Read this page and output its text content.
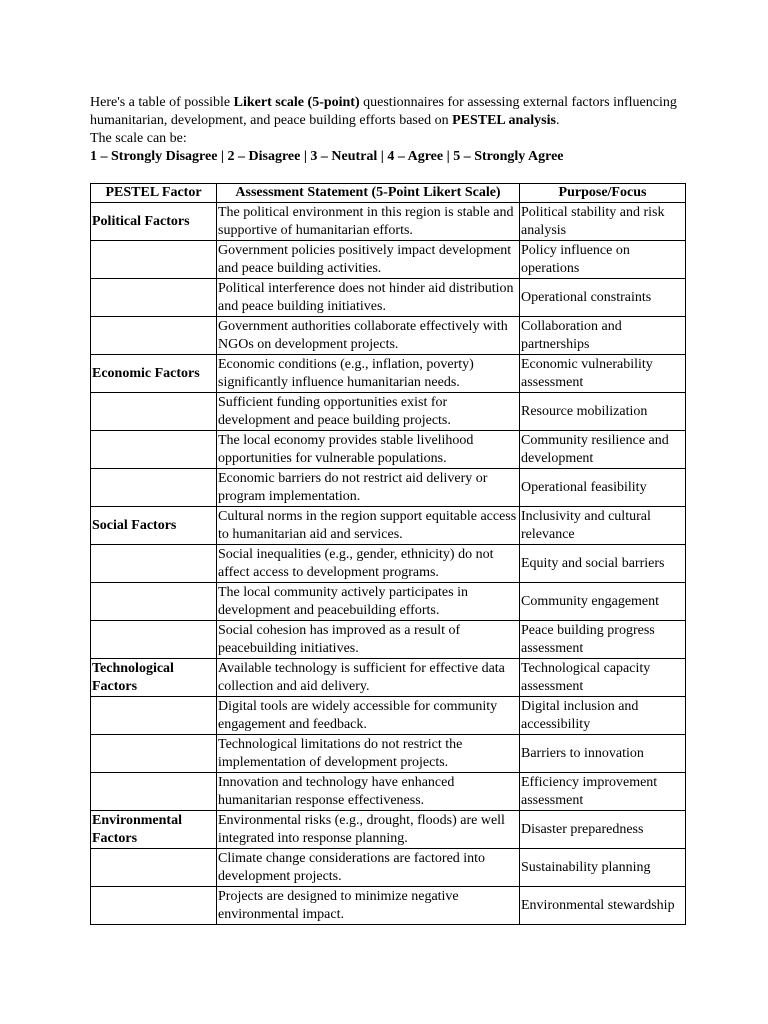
Here's a table of possible Likert scale (5-point) questionnaires for assessing external factors influencing humanitarian, development, and peace building efforts based on PESTEL analysis.

The scale can be:

1 – Strongly Disagree | 2 – Disagree | 3 – Neutral | 4 – Agree | 5 – Strongly Agree

PESTEL Factor	Assessment Statement (5-Point Likert Scale)	Purpose/Focus
Political Factors	The political environment in this region is stable and supportive of humanitarian efforts.	Political stability and risk analysis
	Government policies positively impact development and peace building activities.	Policy influence on operations
	Political interference does not hinder aid distribution and peace building initiatives.	Operational constraints
	Government authorities collaborate effectively with NGOs on development projects.	Collaboration and partnerships
Economic Factors	Economic conditions (e.g., inflation, poverty) significantly influence humanitarian needs.	Economic vulnerability assessment
	Sufficient funding opportunities exist for development and peace building projects.	Resource mobilization
	The local economy provides stable livelihood opportunities for vulnerable populations.	Community resilience and development
	Economic barriers do not restrict aid delivery or program implementation.	Operational feasibility
Social Factors	Cultural norms in the region support equitable access to humanitarian aid and services.	Inclusivity and cultural relevance
	Social inequalities (e.g., gender, ethnicity) do not affect access to development programs.	Equity and social barriers
	The local community actively participates in development and peacebuilding efforts.	Community engagement
	Social cohesion has improved as a result of peacebuilding initiatives.	Peace building progress assessment
Technological Factors	Available technology is sufficient for effective data collection and aid delivery.	Technological capacity assessment
	Digital tools are widely accessible for community engagement and feedback.	Digital inclusion and accessibility
	Technological limitations do not restrict the implementation of development projects.	Barriers to innovation
	Innovation and technology have enhanced humanitarian response effectiveness.	Efficiency improvement assessment
Environmental Factors	Environmental risks (e.g., drought, floods) are well integrated into response planning.	Disaster preparedness
	Climate change considerations are factored into development projects.	Sustainability planning
	Projects are designed to minimize negative environmental impact.	Environmental stewardship
